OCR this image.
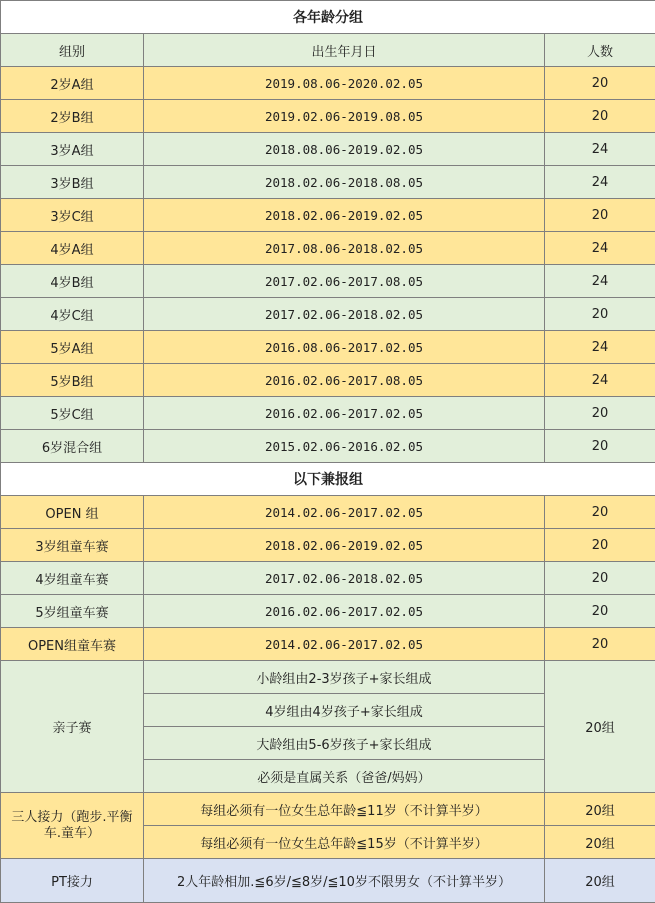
各年龄分组		
组别	出生年月日	人数
2岁A组	2019.08.06-2020.02.05	20
2岁B组	2019.02.06-2019.08.05	20
3岁A组	2018.08.06-2019.02.05	24
3岁B组	2018.02.06-2018.08.05	24
3岁C组	2018.02.06-2019.02.05	20
4岁A组	2017.08.06-2018.02.05	24
4岁B组	2017.02.06-2017.08.05	24
4岁C组	2017.02.06-2018.02.05	20
5岁A组	2016.08.06-2017.02.05	24
5岁B组	2016.02.06-2017.08.05	24
5岁C组	2016.02.06-2017.02.05	20
6岁混合组	2015.02.06-2016.02.05	20
以下兼报组		
OPEN 组	2014.02.06-2017.02.05	20
3岁组童车赛	2018.02.06-2019.02.05	20
4岁组童车赛	2017.02.06-2018.02.05	20
5岁组童车赛	2016.02.06-2017.02.05	20
OPEN组童车赛	2014.02.06-2017.02.05	20
亲子赛	小龄组由2-3岁孩子+家长组成	20组
	4岁组由4岁孩子+家长组成	
	大龄组由5-6岁孩子+家长组成	
	必须是直属关系（爸爸/妈妈）	
三人接力（跑步.平衡车.童车）	每组必须有一位女生总年龄≦11岁（不计算半岁）	20组
	每组必须有一位女生总年龄≦15岁（不计算半岁）	20组
PT接力	2人年龄相加.≦6岁/≦8岁/≦10岁不限男女（不计算半岁）	20组
